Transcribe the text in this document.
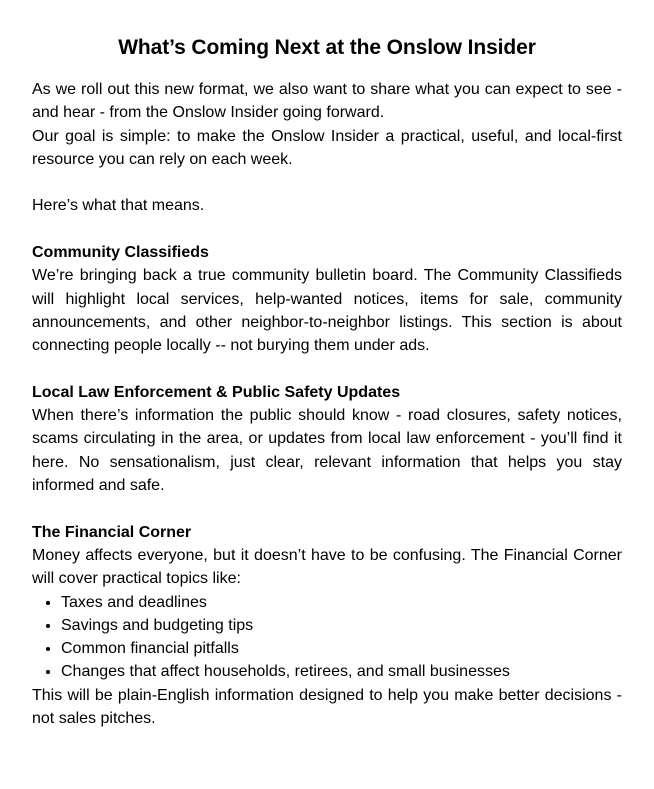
What’s Coming Next at the Onslow Insider

As we roll out this new format, we also want to share what you can expect to see - and hear - from the Onslow Insider going forward.

Our goal is simple: to make the Onslow Insider a practical, useful, and local-first resource you can rely on each week.

Here’s what that means.

Community Classifieds

We’re bringing back a true community bulletin board. The Community Classifieds will highlight local services, help-wanted notices, items for sale, community announcements, and other neighbor-to-neighbor listings. This section is about connecting people locally -- not burying them under ads.

Local Law Enforcement & Public Safety Updates

When there’s information the public should know - road closures, safety notices, scams circulating in the area, or updates from local law enforcement - you’ll find it here. No sensationalism, just clear, relevant information that helps you stay informed and safe.

The Financial Corner

Money affects everyone, but it doesn’t have to be confusing. The Financial Corner will cover practical topics like:

• Taxes and deadlines
• Savings and budgeting tips
• Common financial pitfalls
• Changes that affect households, retirees, and small businesses

This will be plain-English information designed to help you make better decisions - not sales pitches.
